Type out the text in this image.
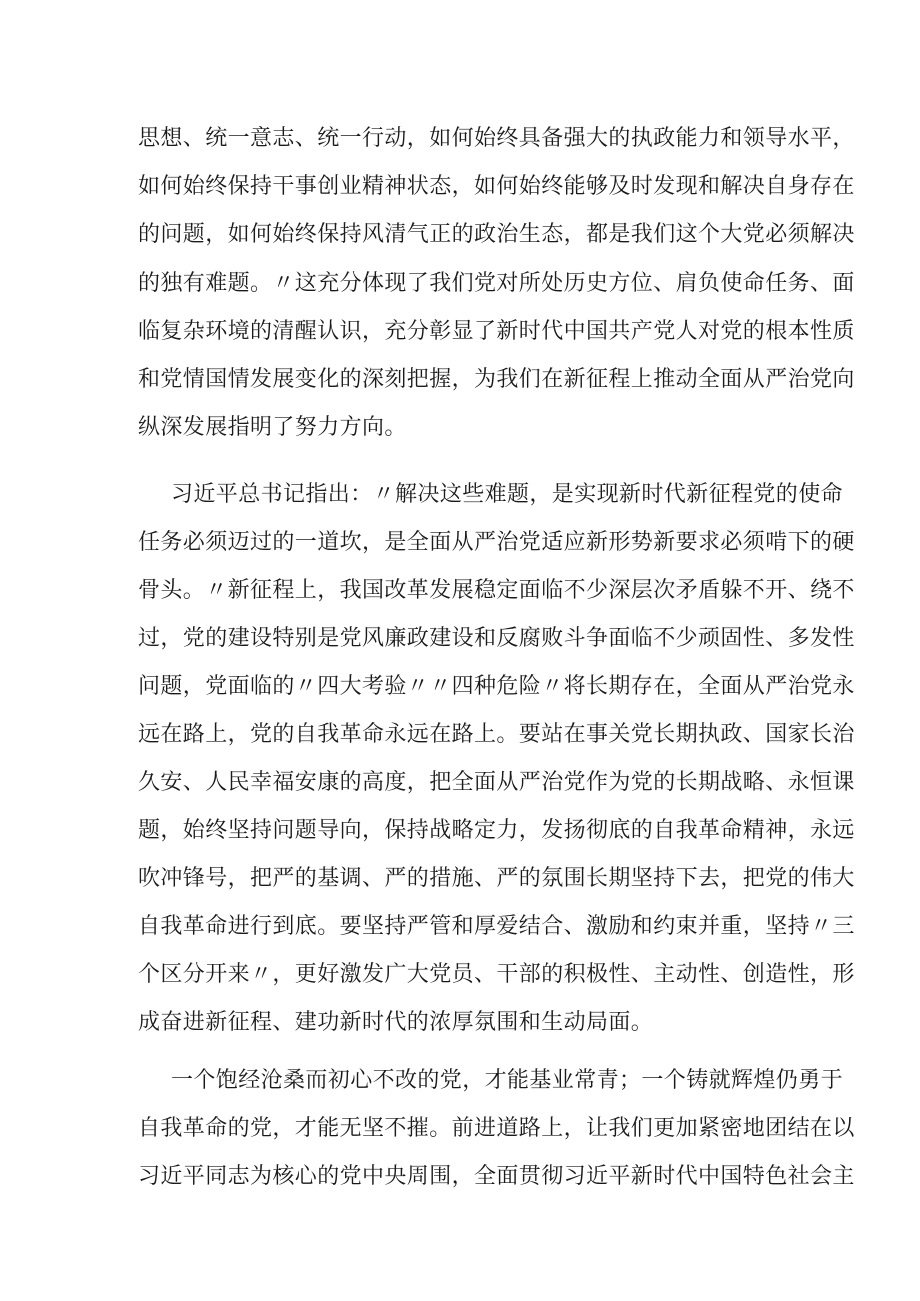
思想、统一意志、统一行动，如何始终具备强大的执政能力和领导水平，
如何始终保持干事创业精神状态，如何始终能够及时发现和解决自身存在
的问题，如何始终保持风清气正的政治生态，都是我们这个大党必须解决
的独有难题。〃这充分体现了我们党对所处历史方位、肩负使命任务、面
临复杂环境的清醒认识，充分彰显了新时代中国共产党人对党的根本性质
和党情国情发展变化的深刻把握，为我们在新征程上推动全面从严治党向
纵深发展指明了努力方向。
习近平总书记指出：〃解决这些难题，是实现新时代新征程党的使命
任务必须迈过的一道坎，是全面从严治党适应新形势新要求必须啃下的硬
骨头。〃新征程上，我国改革发展稳定面临不少深层次矛盾躲不开、绕不
过，党的建设特别是党风廉政建设和反腐败斗争面临不少顽固性、多发性
问题，党面临的〃四大考验〃〃四种危险〃将长期存在，全面从严治党永
远在路上，党的自我革命永远在路上。要站在事关党长期执政、国家长治
久安、人民幸福安康的高度，把全面从严治党作为党的长期战略、永恒课
题，始终坚持问题导向，保持战略定力，发扬彻底的自我革命精神，永远
吹冲锋号，把严的基调、严的措施、严的氛围长期坚持下去，把党的伟大
自我革命进行到底。要坚持严管和厚爱结合、激励和约束并重，坚持〃三
个区分开来〃，更好激发广大党员、干部的积极性、主动性、创造性，形
成奋进新征程、建功新时代的浓厚氛围和生动局面。
一个饱经沧桑而初心不改的党，才能基业常青；一个铸就辉煌仍勇于
自我革命的党，才能无坚不摧。前进道路上，让我们更加紧密地团结在以
习近平同志为核心的党中央周围，全面贯彻习近平新时代中国特色社会主
